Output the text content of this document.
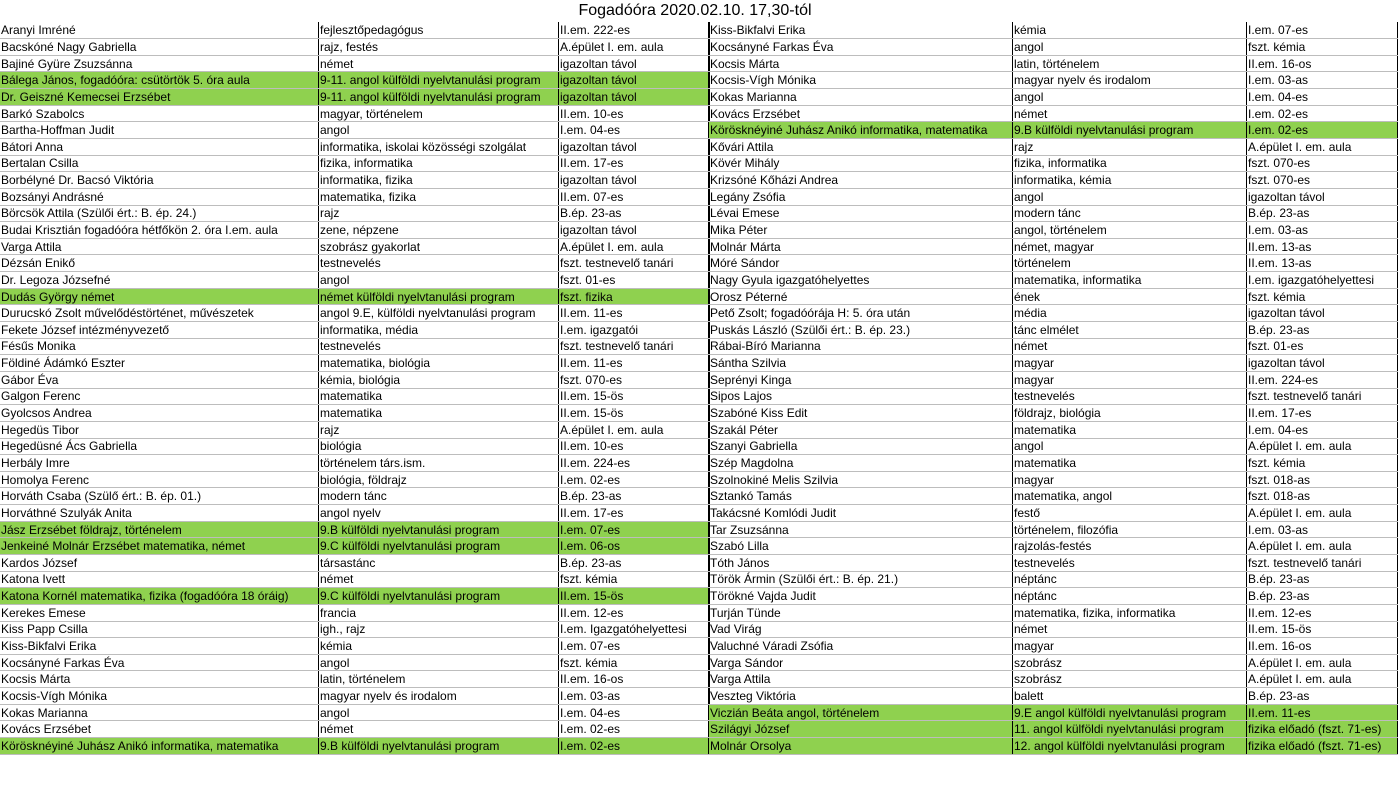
Fogadóóra 2020.02.10. 17,30-tól
Aranyi Imréné	fejlesztőpedagógus	II.em. 222-es
Bacskóné Nagy Gabriella	rajz, festés	A.épület I. em. aula
Bajiné Gyüre Zsuzsánna	német	igazoltan távol
Bálega János, fogadóóra: csütörtök 5. óra aula	9-11. angol külföldi nyelvtanulási program	igazoltan távol
Dr. Geiszné Kemecsei Erzsébet	9-11. angol külföldi nyelvtanulási program	igazoltan távol
Barkó Szabolcs	magyar, történelem	II.em. 10-es
Bartha-Hoffman Judit	angol	I.em. 04-es
Bátori Anna	informatika, iskolai közösségi szolgálat	igazoltan távol
Bertalan Csilla	fizika, informatika	II.em. 17-es
Borbélyné Dr. Bacsó Viktória	informatika, fizika	igazoltan távol
Bozsányi Andrásné	matematika, fizika	II.em. 07-es
Börcsök Attila (Szülői ért.: B. ép. 24.)	rajz	B.ép. 23-as
Budai Krisztián fogadóóra hétfőkön 2. óra I.em. aula	zene, népzene	igazoltan távol
Varga Attila	szobrász gyakorlat	A.épület I. em. aula
Dézsán Enikő	testnevelés	fszt. testnevelő tanári
Dr. Legoza Józsefné	angol	fszt. 01-es
Dudás György német	német külföldi nyelvtanulási program	fszt. fizika
Durucskó Zsolt művelődéstörténet, művészetek	angol 9.E, külföldi nyelvtanulási program	II.em. 11-es
Fekete József intézményvezető	informatika, média	I.em. igazgatói
Fésűs Monika	testnevelés	fszt. testnevelő tanári
Földiné Ádámkó Eszter	matematika, biológia	II.em. 11-es
Gábor Éva	kémia, biológia	fszt. 070-es
Galgon Ferenc	matematika	II.em. 15-ös
Gyolcsos Andrea	matematika	II.em. 15-ös
Hegedüs Tibor	rajz	A.épület I. em. aula
Hegedüsné Ács Gabriella	biológia	II.em. 10-es
Herbály Imre	történelem társ.ism.	II.em. 224-es
Homolya Ferenc	biológia, földrajz	I.em. 02-es
Horváth Csaba (Szülő ért.: B. ép. 01.)	modern tánc	B.ép. 23-as
Horváthné Szulyák Anita	angol nyelv	II.em. 17-es
Jász Erzsébet földrajz, történelem	9.B külföldi nyelvtanulási program	I.em. 07-es
Jenkeiné Molnár Erzsébet matematika, német	9.C külföldi nyelvtanulási program	I.em. 06-os
Kardos József	társastánc	B.ép. 23-as
Katona Ivett	német	fszt. kémia
Katona Kornél matematika, fizika (fogadóóra 18 óráig)	9.C külföldi nyelvtanulási program	II.em. 15-ös
Kerekes Emese	francia	II.em. 12-es
Kiss Papp Csilla	igh., rajz	I.em. Igazgatóhelyettesi
Kiss-Bikfalvi Erika	kémia	I.em. 07-es
Kocsányné Farkas Éva	angol	fszt. kémia
Kocsis Márta	latin, történelem	II.em. 16-os
Kocsis-Vígh Mónika	magyar nyelv és irodalom	I.em. 03-as
Kokas Marianna	angol	I.em. 04-es
Kovács Erzsébet	német	I.em. 02-es
Körösknéyiné Juhász Anikó informatika, matematika	9.B külföldi nyelvtanulási program	I.em. 02-es
Kiss-Bikfalvi Erika	kémia	I.em. 07-es
Kocsányné Farkas Éva	angol	fszt. kémia
Kocsis Márta	latin, történelem	II.em. 16-os
Kocsis-Vígh Mónika	magyar nyelv és irodalom	I.em. 03-as
Kokas Marianna	angol	I.em. 04-es
Kovács Erzsébet	német	I.em. 02-es
Körösknéyiné Juhász Anikó informatika, matematika	9.B külföldi nyelvtanulási program	I.em. 02-es
Kővári Attila	rajz	A.épület I. em. aula
Kövér Mihály	fizika, informatika	fszt. 070-es
Krizsóné Kőházi Andrea	informatika, kémia	fszt. 070-es
Legány Zsófia	angol	igazoltan távol
Lévai Emese	modern tánc	B.ép. 23-as
Mika Péter	angol, történelem	I.em. 03-as
Molnár Márta	német, magyar	II.em. 13-as
Móré Sándor	történelem	II.em. 13-as
Nagy Gyula igazgatóhelyettes	matematika, informatika	I.em. igazgatóhelyettesi
Orosz Péterné	ének	fszt. kémia
Pető Zsolt; fogadóórája H: 5. óra után	média	igazoltan távol
Puskás László (Szülői ért.: B. ép. 23.)	tánc elmélet	B.ép. 23-as
Rábai-Bíró Marianna	német	fszt. 01-es
Sántha Szilvia	magyar	igazoltan távol
Seprényi Kinga	magyar	II.em. 224-es
Sipos Lajos	testnevelés	fszt. testnevelő tanári
Szabóné Kiss Edit	földrajz, biológia	II.em. 17-es
Szakál Péter	matematika	I.em. 04-es
Szanyi Gabriella	angol	A.épület I. em. aula
Szép Magdolna	matematika	fszt. kémia
Szolnokiné Melis Szilvia	magyar	fszt. 018-as
Sztankó Tamás	matematika, angol	fszt. 018-as
Takácsné Komlódi Judit	festő	A.épület I. em. aula
Tar Zsuzsánna	történelem, filozófia	I.em. 03-as
Szabó Lilla	rajzolás-festés	A.épület I. em. aula
Tóth János	testnevelés	fszt. testnevelő tanári
Török Ármin (Szülői ért.: B. ép. 21.)	néptánc	B.ép. 23-as
Törökné Vajda Judit	néptánc	B.ép. 23-as
Turján Tünde	matematika, fizika, informatika	II.em. 12-es
Vad Virág	német	II.em. 15-ös
Valuchné Váradi Zsófia	magyar	II.em. 16-os
Varga Sándor	szobrász	A.épület I. em. aula
Varga Attila	szobrász	A.épület I. em. aula
Veszteg Viktória	balett	B.ép. 23-as
Viczián Beáta angol, történelem	9.E angol külföldi nyelvtanulási program	II.em. 11-es
Szilágyi József	11. angol külföldi nyelvtanulási program	fizika előadó (fszt. 71-es)
Molnár Orsolya	12. angol külföldi nyelvtanulási program	fizika előadó (fszt. 71-es)
